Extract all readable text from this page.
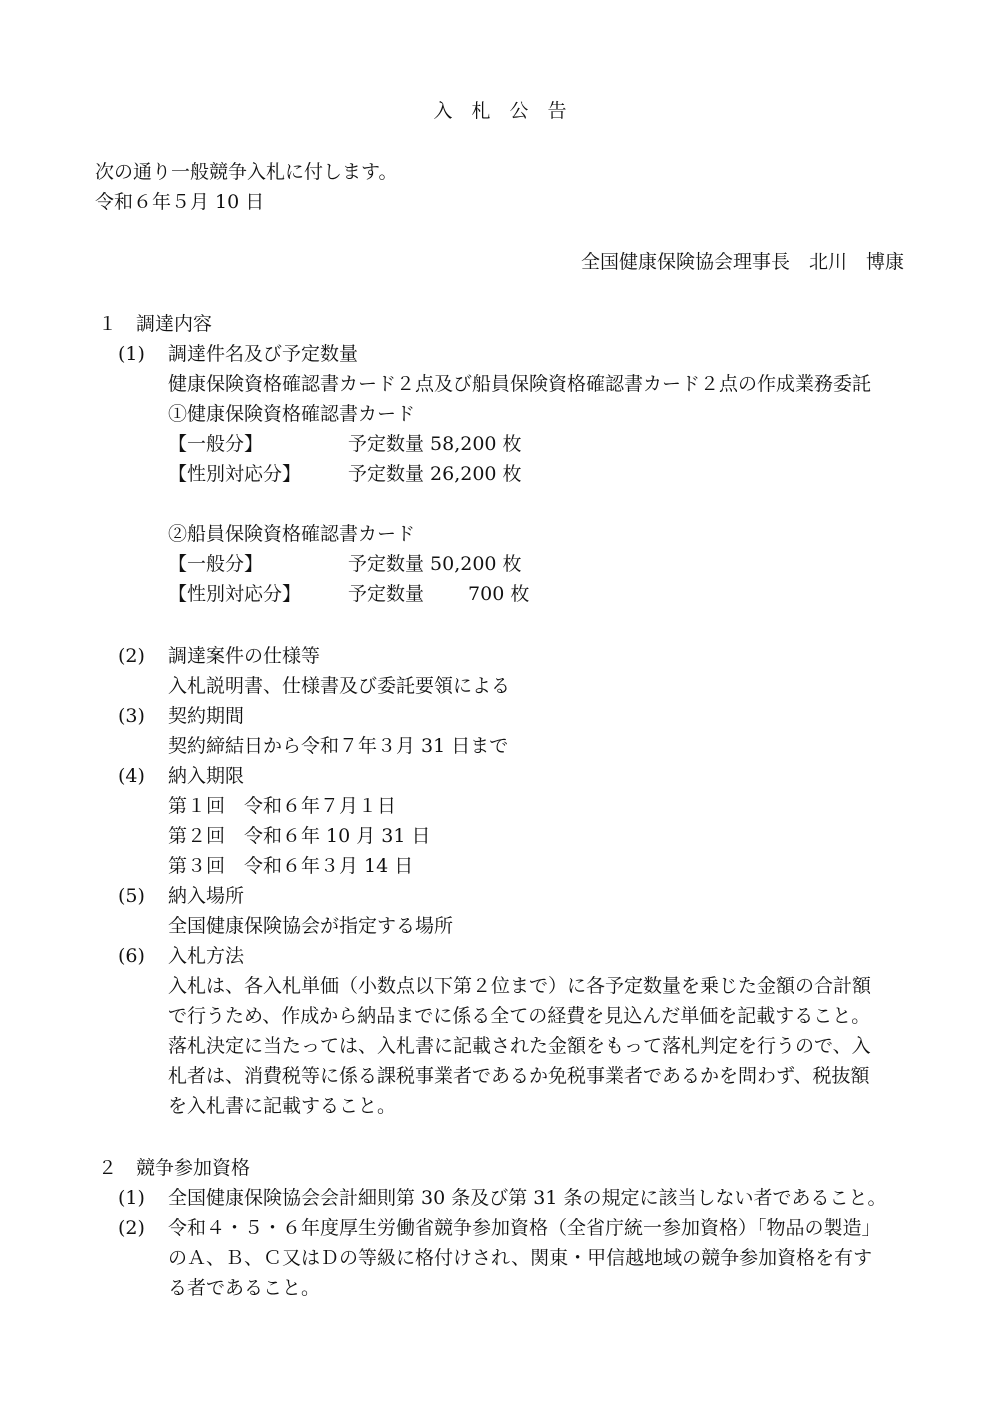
入　札　公　告
次の通り一般競争入札に付します。
令和６年５月 10 日
全国健康保険協会理事長　北川　博康
１　調達内容
(1) 調達件名及び予定数量
健康保険資格確認書カード２点及び船員保険資格確認書カード２点の作成業務委託
①健康保険資格確認書カード
【一般分】	予定数量 58,200 枚
【性別対応分】 予定数量 26,200 枚
②船員保険資格確認書カード
【一般分】	予定数量 50,200 枚
【性別対応分】 予定数量　　 700 枚
(2) 調達案件の仕様等
入札説明書、仕様書及び委託要領による
(3) 契約期間
契約締結日から令和７年３月 31 日まで
(4) 納入期限
第１回　令和６年７月１日
第２回　令和６年 10 月 31 日
第３回　令和６年３月 14 日
(5) 納入場所
全国健康保険協会が指定する場所
(6) 入札方法
入札は、各入札単価（小数点以下第２位まで）に各予定数量を乗じた金額の合計額
で行うため、作成から納品までに係る全ての経費を見込んだ単価を記載すること。
落札決定に当たっては、入札書に記載された金額をもって落札判定を行うので、入
札者は、消費税等に係る課税事業者であるか免税事業者であるかを問わず、税抜額
を入札書に記載すること。
２　競争参加資格
(1) 全国健康保険協会会計細則第 30 条及び第 31 条の規定に該当しない者であること。
(2) 令和４・５・６年度厚生労働省競争参加資格（全省庁統一参加資格）「物品の製造」
のＡ、Ｂ、Ｃ又はＤの等級に格付けされ、関東・甲信越地域の競争参加資格を有す
る者であること。
